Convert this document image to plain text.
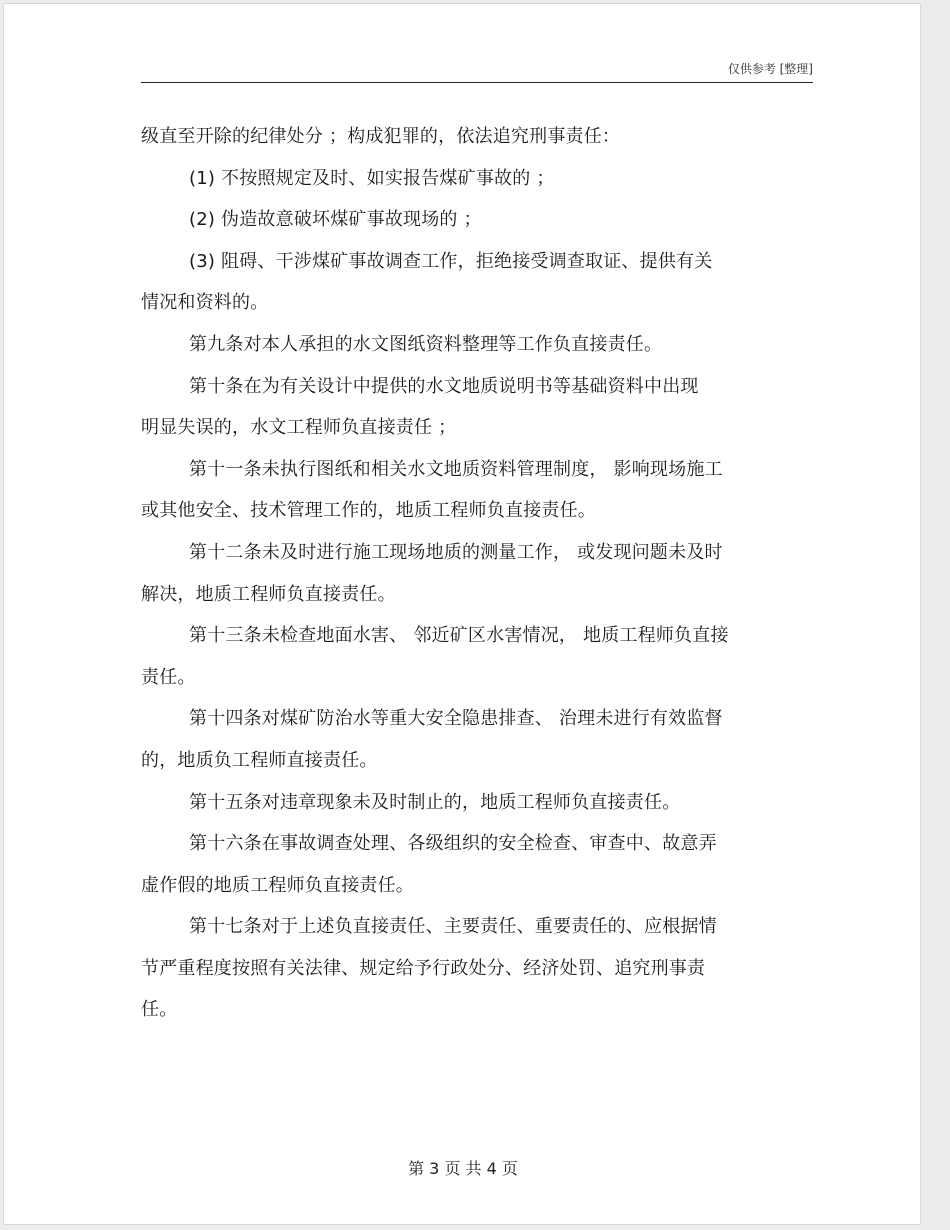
仅供参考 [整理]
级直至开除的纪律处分 ；构成犯罪的，依法追究刑事责任：
(1) 不按照规定及时、如实报告煤矿事故的 ；
(2) 伪造故意破坏煤矿事故现场的 ；
(3) 阻碍、干涉煤矿事故调查工作，拒绝接受调查取证、提供有关
情况和资料的。
第九条对本人承担的水文图纸资料整理等工作负直接责任。
第十条在为有关设计中提供的水文地质说明书等基础资料中出现
明显失误的，水文工程师负直接责任 ；
第十一条未执行图纸和相关水文地质资料管理制度， 影响现场施工
或其他安全、技术管理工作的，地质工程师负直接责任。
第十二条未及时进行施工现场地质的测量工作， 或发现问题未及时
解决，地质工程师负直接责任。
第十三条未检查地面水害、 邻近矿区水害情况， 地质工程师负直接
责任。
第十四条对煤矿防治水等重大安全隐患排查、 治理未进行有效监督
的，地质负工程师直接责任。
第十五条对违章现象未及时制止的，地质工程师负直接责任。
第十六条在事故调查处理、各级组织的安全检查、审查中、故意弄
虚作假的地质工程师负直接责任。
第十七条对于上述负直接责任、主要责任、重要责任的、应根据情
节严重程度按照有关法律、规定给予行政处分、经济处罚、追究刑事责
任。
第 3 页 共 4 页
